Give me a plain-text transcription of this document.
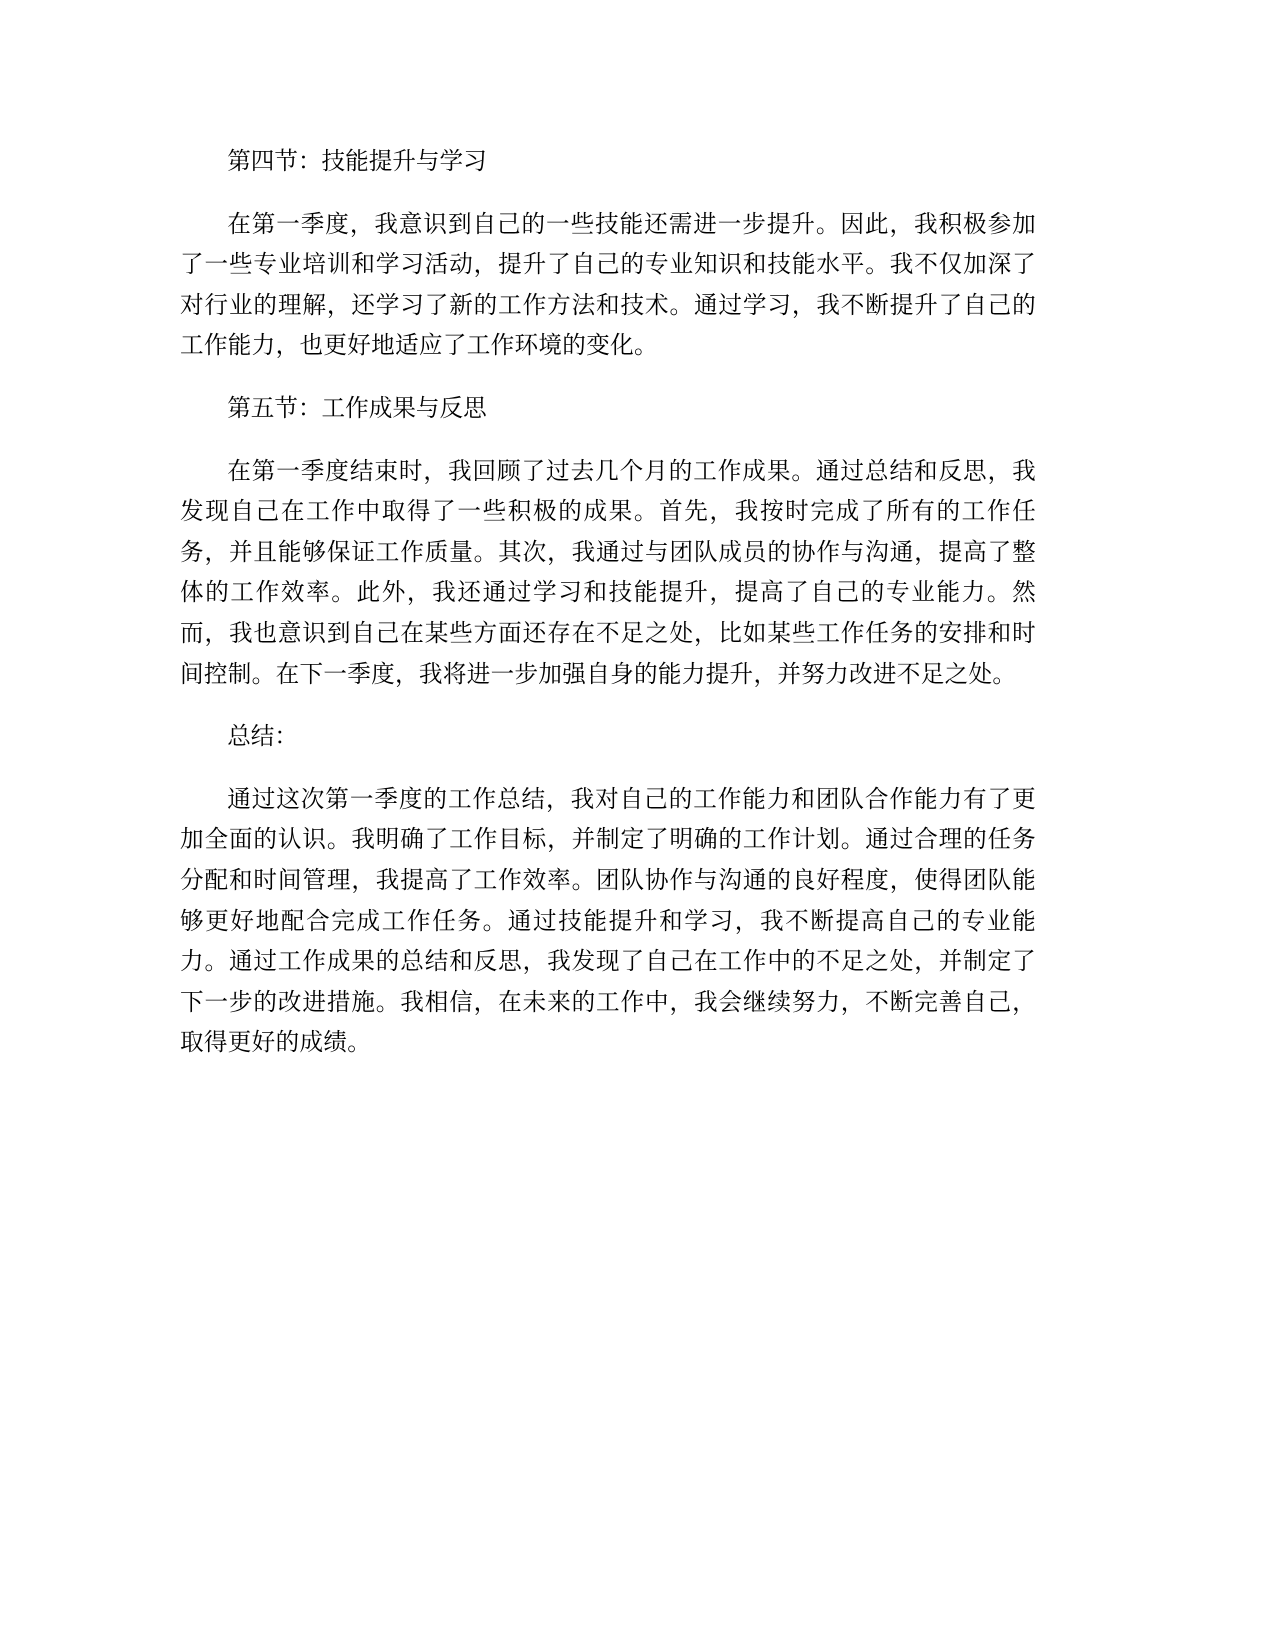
第四节：技能提升与学习

在第一季度，我意识到自己的一些技能还需进一步提升。因此，我积极参加了一些专业培训和学习活动，提升了自己的专业知识和技能水平。我不仅加深了对行业的理解，还学习了新的工作方法和技术。通过学习，我不断提升了自己的工作能力，也更好地适应了工作环境的变化。

第五节：工作成果与反思

在第一季度结束时，我回顾了过去几个月的工作成果。通过总结和反思，我发现自己在工作中取得了一些积极的成果。首先，我按时完成了所有的工作任务，并且能够保证工作质量。其次，我通过与团队成员的协作与沟通，提高了整体的工作效率。此外，我还通过学习和技能提升，提高了自己的专业能力。然而，我也意识到自己在某些方面还存在不足之处，比如某些工作任务的安排和时间控制。在下一季度，我将进一步加强自身的能力提升，并努力改进不足之处。

总结：

通过这次第一季度的工作总结，我对自己的工作能力和团队合作能力有了更加全面的认识。我明确了工作目标，并制定了明确的工作计划。通过合理的任务分配和时间管理，我提高了工作效率。团队协作与沟通的良好程度，使得团队能够更好地配合完成工作任务。通过技能提升和学习，我不断提高自己的专业能力。通过工作成果的总结和反思，我发现了自己在工作中的不足之处，并制定了下一步的改进措施。我相信，在未来的工作中，我会继续努力，不断完善自己，取得更好的成绩。
